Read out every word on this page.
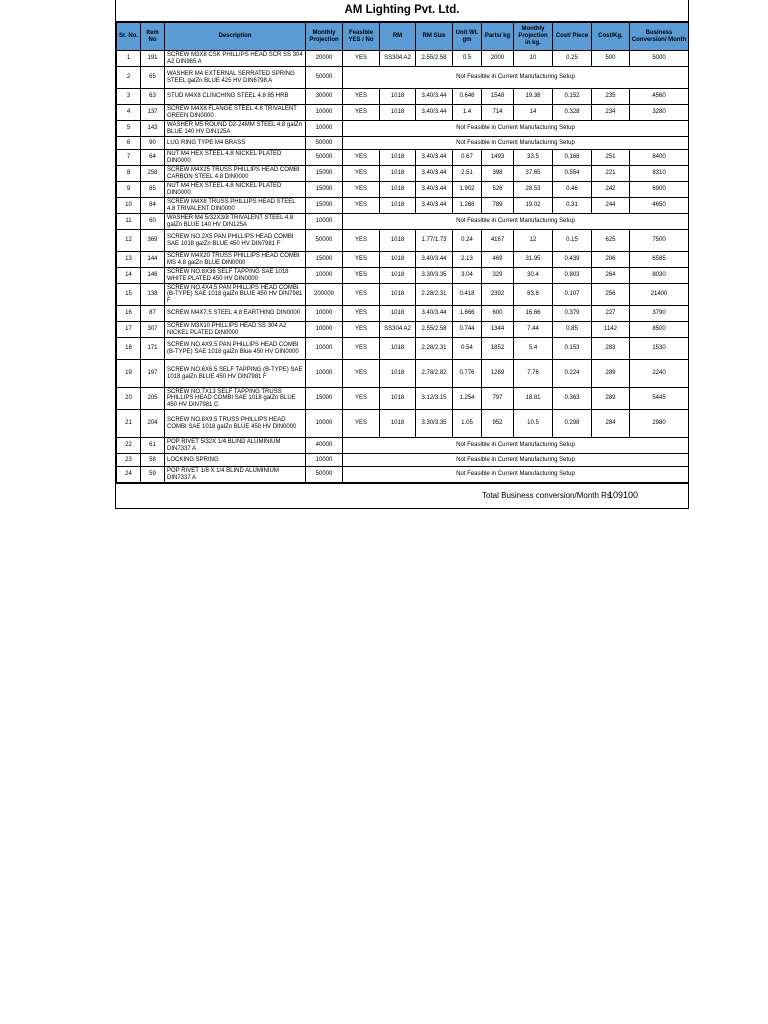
AM Lighting Pvt. Ltd.
Sr. No.	Item No	Description	Monthly Projection	Feasible YES / No	RM	RM Size	Unit Wt. gm	Parts/ kg	Monthly Projection in kg.	Cost/ Piece	Cost/Kg.	Business Conversion/ Month
1	191	SCREW M3X8 CSK PHILLIPS HEAD SCR SS 304 A2 DIN965 A	20000	YES	SS304 A2	2.55/2.58	0.5	2000	10	0.25	500	5000
2	65	WASHER M4 EXTERNAL SERRATED SPRING STEEL galZn BLUE 425 HV DIN6798 A	50000	Not Feasible in Current Manufacturing Setup								
3	63	STUD M4X8 CLINCHING STEEL 4.8 85 HRB	30000	YES	1018	3.40/3.44	0.646	1548	19.38	0.152	235	4560
4	137	SCREW M4X8 FLANGE STEEL 4.8 TRIVALENT GREEN DIN0000	10000	YES	1018	3.40/3.44	1.4	714	14	0.328	234	3280
5	143	WASHER M5 ROUND D2-24MM STEEL 4.8 galZn BLUE 140 HV DIN125A	10000	Not Feasible in Current Manufacturing Setup								
6	90	LUG RING TYPE M4 BRASS	50000	Not Feasible in Current Manufacturing Setup								
7	64	NUT M4 HEX STEEL 4.8 NICKEL PLATED DIN0000	50000	YES	1018	3.40/3.44	0.67	1493	33.5	0.168	251	8400
8	258	SCREW M4X25 TRUSS PHILLIPS HEAD COMBI CARBON STEEL 4.8 DIN0000	15000	YES	1018	3.40/3.44	2.51	398	37.65	0.554	221	8310
9	85	NUT M4 HEX STEEL 4.8 NICKEL PLATED DIN0000	15000	YES	1018	3.40/3.44	1.902	526	28.53	0.46	242	6900
10	84	SCREW M4X8 TRUSS PHILLIPS HEAD STEEL 4.8 TRIVALENT DIN0000	15000	YES	1018	3.40/3.44	1.268	789	19.02	0.31	244	4650
11	60	WASHER M4 5/32X3/8 TRIVALENT STEEL 4.8 galZn BLUE 140 HV DIN125A	10000	Not Feasible in Current Manufacturing Setup								
12	369	SCREW NO.2X5 PAN PHILLIPS HEAD COMBI SAE 1018 galZn BLUE 450 HV DIN7981 F	50000	YES	1018	1.77/1.73	0.24	4167	12	0.15	625	7500
13	144	SCREW M4X20 TRUSS PHILLIPS HEAD COMBI MS 4.8 galZn BLUE DIN0000	15000	YES	1018	3.40/3.44	2.13	469	31.95	0.439	206	6585
14	146	SCREW NO.8X36 SELF TAPPING SAE 1018 WHITE PLATED 450 HV DIN0000	10000	YES	1018	3.30/3.35	3.04	329	30.4	0.803	264	8030
15	138	SCREW NO.4X4.5 PAN PHILLIPS HEAD COMBI (B-TYPE) SAE 1018 galZn BLUE 450 HV DIN7981 F	200000	YES	1018	2.28/2.31	0.418	2392	83.6	0.107	256	21400
16	87	SCREW M4X7.5 STEEL 4.8 EARTHING DIN0000	10000	YES	1018	3.40/3.44	1.666	600	16.66	0.379	227	3790
17	307	SCREW M3X10 PHILLIPS HEAD SS 304 A2 NICKEL PLATED DIN0000	10000	YES	SS304 A2	2.55/2.58	0.744	1344	7.44	0.85	1142	8500
18	171	SCREW NO.4X9.5 PAN PHILLIPS HEAD COMBI (B-TYPE) SAE 1018 galZn Blue 450 HV DIN0000	10000	YES	1018	2.28/2.31	0.54	1852	5.4	0.153	283	1530
19	197	SCREW NO.6X6.5 SELF TAPPING (B-TYPE) SAE 1018 galZn BLUE 450 HV DIN7981 F	10000	YES	1018	2.78/2.82	0.776	1289	7.76	0.224	289	2240
20	205	SCREW NO.7X13 SELF TAPPING TRUSS PHILLIPS HEAD COMBI SAE 1018 galZn BLUE 450 HV DIN7981 C	15000	YES	1018	3.12/3.15	1.254	797	18.81	0.363	289	5445
21	204	SCREW NO.8X9.5 TRUSS PHILLIPS HEAD COMBI SAE 1018 galZn BLUE 450 HV DIN0000	10000	YES	1018	3.30/3.35	1.05	952	10.5	0.298	284	2980
22	61	POP RIVET 5/32X 1/4 BLIND ALUMINIUM DIN7337 A	40000	Not Feasible in Current Manufacturing Setup								
23	58	LOCKING SPRING	10000	Not Feasible in Current Manufacturing Setup								
24	59	POP RIVET 1/8 X 1/4 BLIND ALUMINIUM DIN7337 A	50000	Not Feasible in Current Manufacturing Setup								
Total Business conversion/Month Rs.
109100
